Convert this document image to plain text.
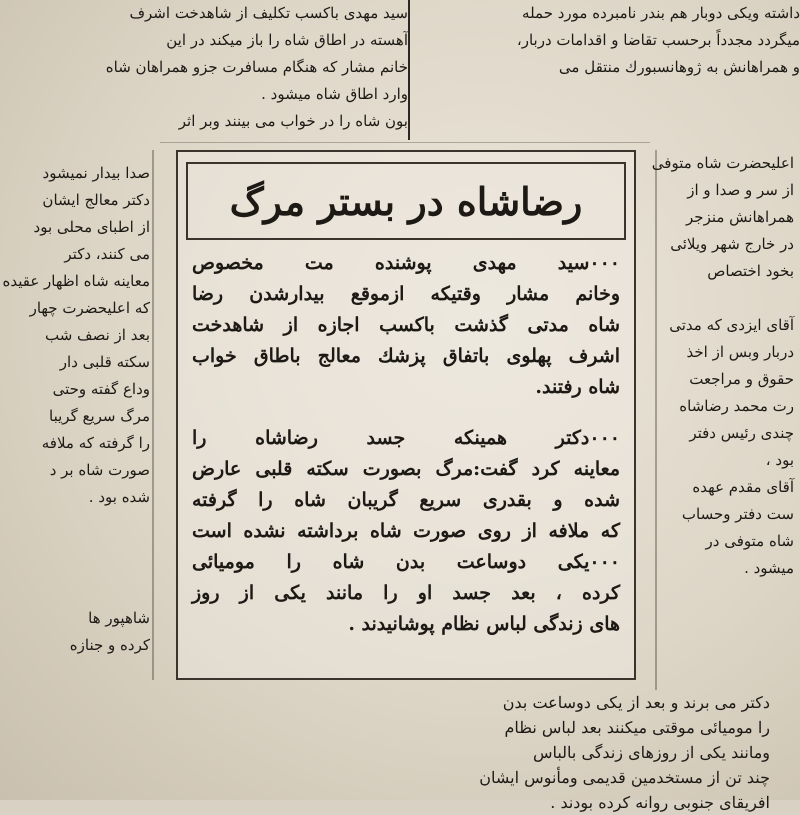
سید مهدی باکسب تکلیف از شاهدخت اشرف
آهسته در اطاق شاه را باز میکند در این
خانم مشار که هنگام مسافرت جزو همراهان شاه
وارد اطاق شاه میشود .
بون شاه را در خواب می بینند وبر اثر
داشته ویکی دوبار هم بندر نامبرده مورد حمله
میگردد مجدداً برحسب تقاضا و اقدامات دربار،
و همراهانش به ژوهانسبورك منتقل می
صدا بیدار نمیشود
دکتر معالج ایشان
از اطبای محلی بود
می کنند، دکتر
معاینه شاه اظهار عقیده
که اعلیحضرت چهار
بعد از نصف شب
سکته قلبی دار
وداع گفته وحتی
مرگ سریع گریبا
را گرفته که ملافه
صورت شاه بر د
شده بود .
شاهپور ها
کرده و جنازه
اعلیحضرت شاه متوفی
از سر و صدا و از
همراهانش منزجر
در خارج شهر ویلائی
بخود اختصاص
آقای ایزدی که مدتی
دربار وبس از اخذ
حقوق و مراجعت
رت محمد رضاشاه
چندی رئیس دفتر
بود ،
آقای مقدم عهده
ست دفتر وحساب
شاه متوفی در
میشود .
دکتر می برند و بعد از یکی دوساعت بدن
را مومیائی موقتی میکنند بعد لباس نظام
ومانند یکی از روزهای زندگی بالباس
چند تن از مستخدمین قدیمی ومأنوس ایشان
افریقای جنوبی روانه کرده بودند .
رضاشاه در بستر مرگ
۰۰۰سید مهدی پوشنده مت مخصوص
وخانم مشار وقتیکه ازموقع بیدارشدن رضا
شاه مدتی گذشت باکسب اجازه از شاهدخت
اشرف پهلوی باتفاق پزشك معالج باطاق خواب
شاه رفتند.
۰۰۰دکتر همینکه جسد رضاشاه را
معاینه کرد گفت:مرگ بصورت سکته قلبی عارض
شده و بقدری سریع گریبان شاه را گرفته
که ملافه از روی صورت شاه برداشته نشده است
۰۰۰یکی دوساعت بدن شاه را مومیائی
کرده ، بعد جسد او را مانند یکی از روز
های زندگی لباس نظام پوشانیدند .
